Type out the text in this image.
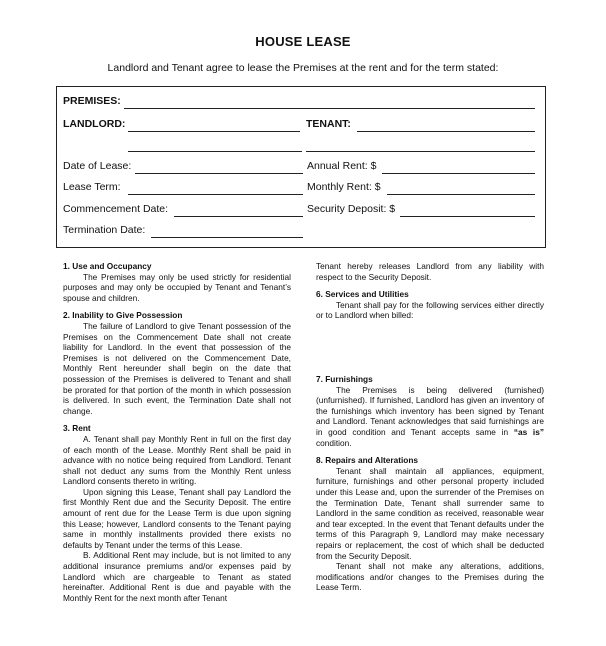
HOUSE LEASE
Landlord and Tenant agree to lease the Premises at the rent and for the term stated:
PREMISES:
LANDLORD:	TENANT:
Date of Lease:	Annual Rent: $
Lease Term:	Monthly Rent: $
Commencement Date:	Security Deposit: $
Termination Date:

1. Use and Occupancy

The Premises may only be used strictly for residential purposes and may only be occupied by Tenant and Tenant’s spouse and children.

2. Inability to Give Possession

The failure of Landlord to give Tenant possession of the Premises on the Commencement Date shall not create liability for Landlord. In the event that possession of the Premises is not delivered on the Commencement Date, Monthly Rent hereunder shall begin on the date that possession of the Premises is delivered to Tenant and shall be prorated for that portion of the month in which possession is delivered. In such event, the Termination Date shall not change.

3. Rent

A. Tenant shall pay Monthly Rent in full on the first day of each month of the Lease. Monthly Rent shall be paid in advance with no notice being required from Landlord. Tenant shall not deduct any sums from the Monthly Rent unless Landlord consents thereto in writing.

Upon signing this Lease, Tenant shall pay Landlord the first Monthly Rent due and the Security Deposit. The entire amount of rent due for the Lease Term is due upon signing this Lease; however, Landlord consents to the Tenant paying same in monthly installments provided there exists no defaults by Tenant under the terms of this Lease.

B. Additional Rent may include, but is not limited to any additional insurance premiums and/or expenses paid by Landlord which are chargeable to Tenant as stated hereinafter. Additional Rent is due and payable with the Monthly Rent for the next month after Tenant

Tenant hereby releases Landlord from any liability with respect to the Security Deposit.

6. Services and Utilities

Tenant shall pay for the following services either directly or to Landlord when billed:

7. Furnishings

The Premises is being delivered (furnished) (unfurnished). If furnished, Landlord has given an inventory of the furnishings which inventory has been signed by Tenant and Landlord. Tenant acknowledges that said furnishings are in good condition and Tenant accepts same in “as is” condition.

8. Repairs and Alterations

Tenant shall maintain all appliances, equipment, furniture, furnishings and other personal property included under this Lease and, upon the surrender of the Premises on the Termination Date, Tenant shall surrender same to Landlord in the same condition as received, reasonable wear and tear excepted. In the event that Tenant defaults under the terms of this Paragraph 9, Landlord may make necessary repairs or replacement, the cost of which shall be deducted from the Security Deposit.

Tenant shall not make any alterations, additions, modifications and/or changes to the Premises during the Lease Term.
